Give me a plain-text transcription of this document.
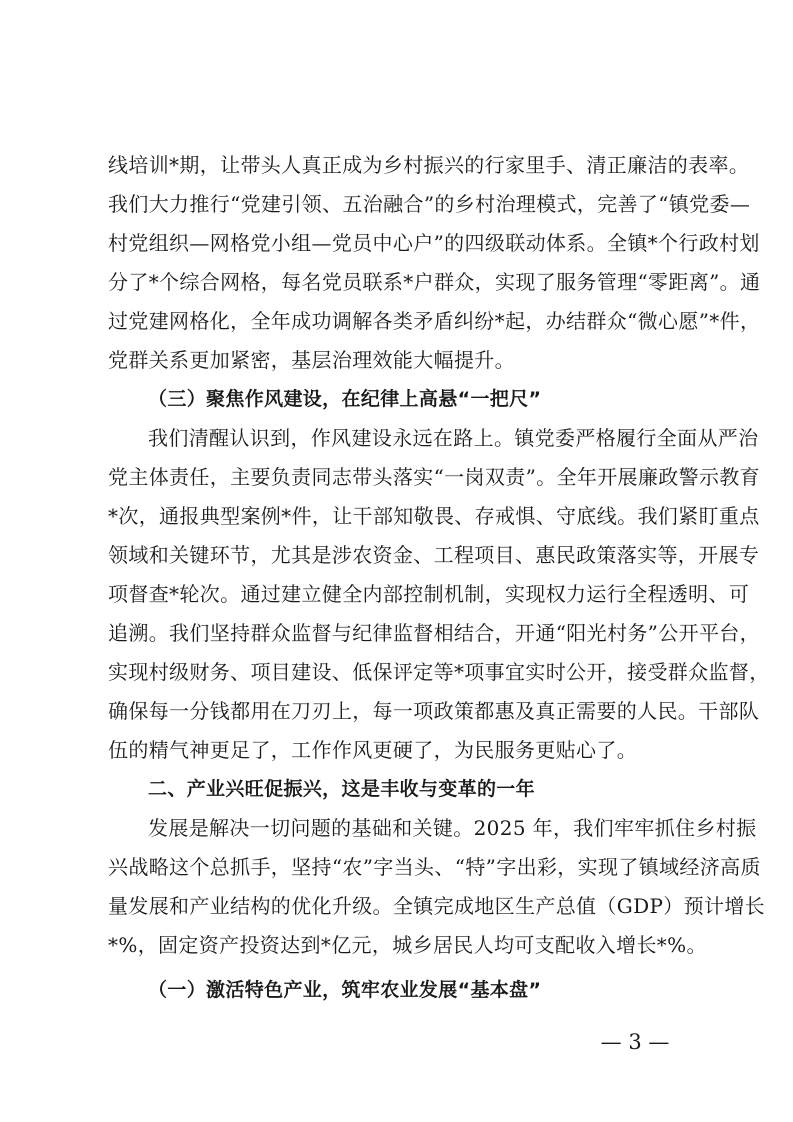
线培训*期，让带头人真正成为乡村振兴的行家里手、清正廉洁的表率。
我们大力推行“党建引领、五治融合”的乡村治理模式，完善了“镇党委—
村党组织—网格党小组—党员中心户”的四级联动体系。全镇*个行政村划
分了*个综合网格，每名党员联系*户群众，实现了服务管理“零距离”。通
过党建网格化，全年成功调解各类矛盾纠纷*起，办结群众“微心愿”*件，
党群关系更加紧密，基层治理效能大幅提升。
（三）聚焦作风建设，在纪律上高悬“一把尺”
我们清醒认识到，作风建设永远在路上。镇党委严格履行全面从严治
党主体责任，主要负责同志带头落实“一岗双责”。全年开展廉政警示教育
*次，通报典型案例*件，让干部知敬畏、存戒惧、守底线。我们紧盯重点
领域和关键环节，尤其是涉农资金、工程项目、惠民政策落实等，开展专
项督查*轮次。通过建立健全内部控制机制，实现权力运行全程透明、可
追溯。我们坚持群众监督与纪律监督相结合，开通“阳光村务”公开平台，
实现村级财务、项目建设、低保评定等*项事宜实时公开，接受群众监督，
确保每一分钱都用在刀刃上，每一项政策都惠及真正需要的人民。干部队
伍的精气神更足了，工作作风更硬了，为民服务更贴心了。
二、产业兴旺促振兴，这是丰收与变革的一年
发展是解决一切问题的基础和关键。2025 年，我们牢牢抓住乡村振
兴战略这个总抓手，坚持“农”字当头、“特”字出彩，实现了镇域经济高质
量发展和产业结构的优化升级。全镇完成地区生产总值（GDP）预计增长
*%，固定资产投资达到*亿元，城乡居民人均可支配收入增长*%。
（一）激活特色产业，筑牢农业发展“基本盘”
— 3 —
